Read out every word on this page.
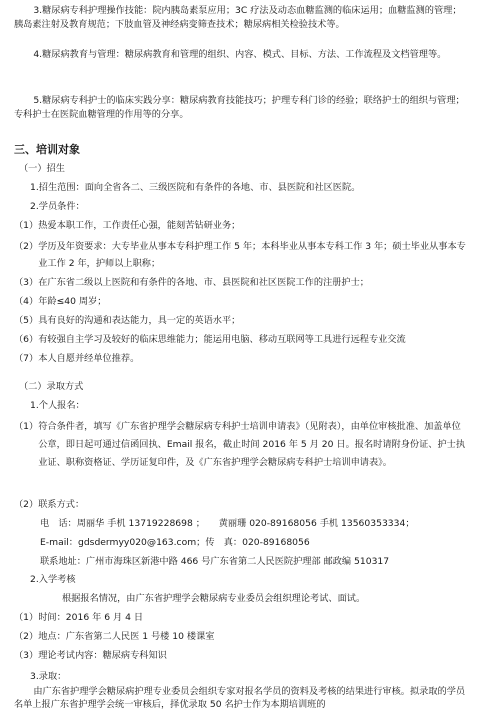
3.糖尿病专科护理操作技能：院内胰岛素泵应用；3C 疗法及动态血糖监测的临床运用；血糖监测的管理；胰岛素注射及教育规范；下肢血管及神经病变筛查技术；糖尿病相关检验技术等。

4.糖尿病教育与管理：糖尿病教育和管理的组织、内容、模式、目标、方法、工作流程及文档管理等。

5.糖尿病专科护士的临床实践分享：糖尿病教育技能技巧；护理专科门诊的经验；联络护士的组织与管理；专科护士在医院血糖管理的作用等的分享。

三、培训对象

（一）招生

1.招生范围：面向全省各二、三级医院和有条件的各地、市、县医院和社区医院。

2.学员条件：

（1） 热爱本职工作，工作责任心强，能刻苦钻研业务；
（2） 学历及年资要求：大专毕业从事本专科护理工作 5 年；本科毕业从事本专科工作 3 年；硕士毕业从事本专业工作 2 年，护师以上职称；
（3） 在广东省二级以上医院和有条件的各地、市、县医院和社区医院工作的注册护士；
（4） 年龄≤40 周岁；
（5） 具有良好的沟通和表达能力，具一定的英语水平；
（6） 有较强自主学习及较好的临床思维能力；能运用电脑、移动互联网等工具进行远程专业交流
（7） 本人自愿并经单位推荐。

（二）录取方式

1.个人报名：

（1） 符合条件者，填写《广东省护理学会糖尿病专科护士培训申请表》（见附表），由单位审核批准、加盖单位公章，即日起可通过信函回执、Email 报名，截止时间 2016 年 5 月 20 日。报名时请附身份证、护士执业证、职称资格证、学历证复印件，及《广东省护理学会糖尿病专科护士培训申请表》。

（2）联系方式：

电　话：周丽华 手机 13719228698 ；　　黄丽珊 020-89168056 手机 13560353334；

E-mail：gdsdermyy020@163.com；传　真：020-89168056

联系地址：广州市海珠区新港中路 466 号广东省第二人民医院护理部 邮政编 510317

2.入学考核

根据报名情况，由广东省护理学会糖尿病专业委员会组织理论考试、面试。

（1） 时间：2016 年 6 月 4 日
（2） 地点：广东省第二人民医 1 号楼 10 楼课室
（3） 理论考试内容：糖尿病专科知识

3.录取：

由广东省护理学会糖尿病护理专业委员会组织专家对报名学员的资料及考核的结果进行审核。拟录取的学员名单上报广东省护理学会统一审核后，择优录取 50 名护士作为本期培训班的
